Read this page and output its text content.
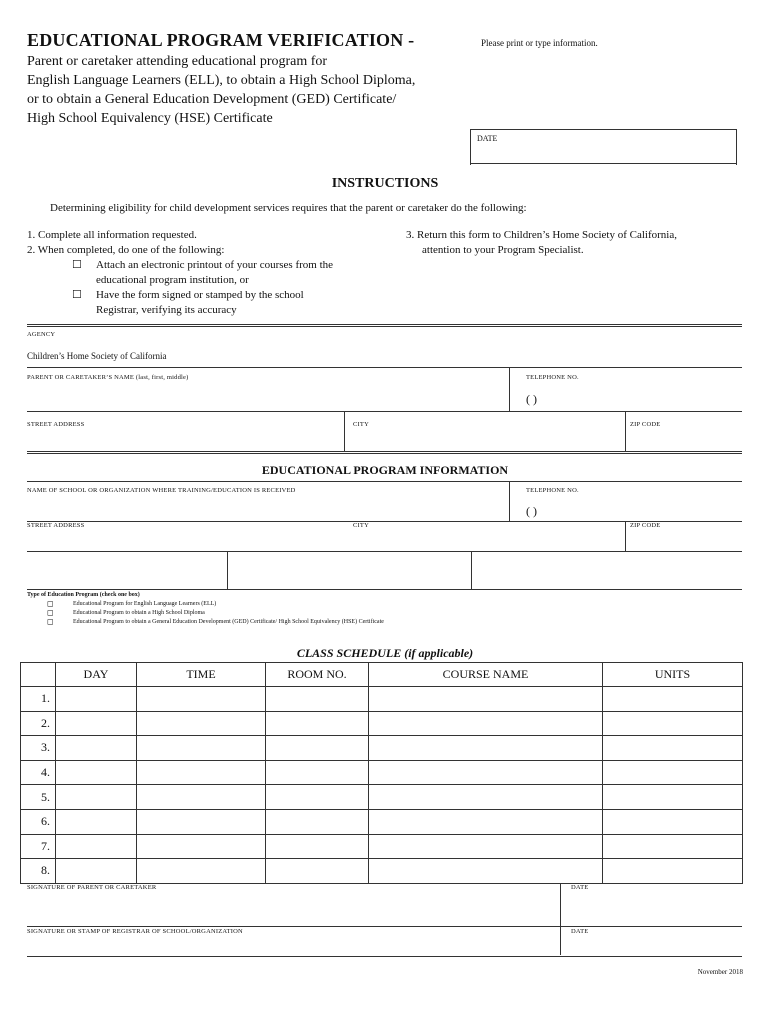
EDUCATIONAL PROGRAM VERIFICATION -	Please print or type information.
Parent or caretaker attending educational program for
English Language Learners (ELL), to obtain a High School Diploma,
or to obtain a General Education Development (GED) Certificate/
High School Equivalency (HSE) Certificate
DATE
INSTRUCTIONS
Determining eligibility for child development services requires that the parent or caretaker do the following:
1. Complete all information requested.
2. When completed, do one of the following:
☐	Attach an electronic printout of your courses from the
educational program institution, or
☐	Have the form signed or stamped by the school
Registrar, verifying its accuracy
3. Return this form to Children’s Home Society of California,
attention to your Program Specialist.
AGENCY
Children’s Home Society of California
PARENT OR CARETAKER’S NAME (last, first, middle)	TELEPHONE NO.
( )
STREET ADDRESS	CITY	ZIP CODE
EDUCATIONAL PROGRAM INFORMATION
NAME OF SCHOOL OR ORGANIZATION WHERE TRAINING/EDUCATION IS RECEIVED	TELEPHONE NO.
( )
STREET ADDRESS	CITY	ZIP CODE
Type of Education Program (check one box)
◻	Educational Program for English Language Learners (ELL)
◻	Educational Program to obtain a High School Diploma
◻	Educational Program to obtain a General Education Development (GED) Certificate/ High School Equivalency (HSE) Certificate
CLASS SCHEDULE (if applicable)
	DAY	TIME	ROOM NO.	COURSE NAME	UNITS
1.					
2.					
3.					
4.					
5.					
6.					
7.					
8.					
SIGNATURE OF PARENT OR CARETAKER	DATE
SIGNATURE OR STAMP OF REGISTRAR OF SCHOOL/ORGANIZATION	DATE
November 2018
